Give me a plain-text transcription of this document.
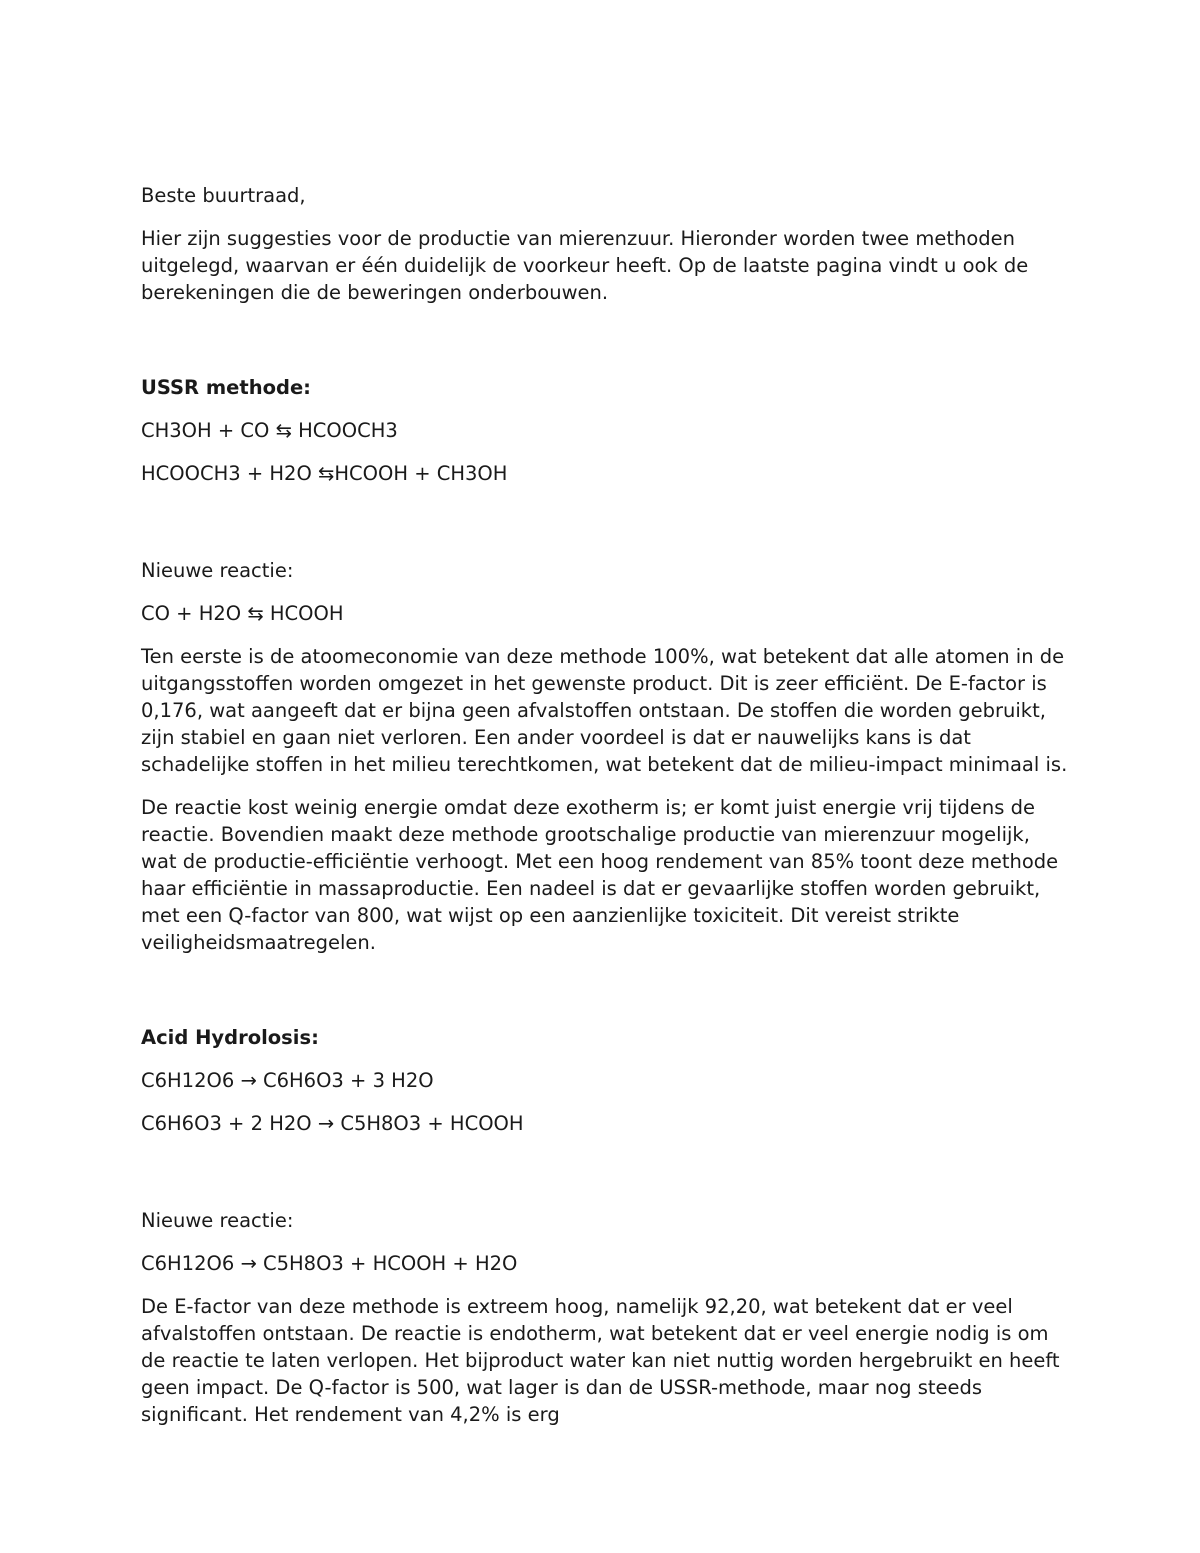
Beste buurtraad,

Hier zijn suggesties voor de productie van mierenzuur. Hieronder worden twee methoden uitgelegd, waarvan er één duidelijk de voorkeur heeft. Op de laatste pagina vindt u ook de berekeningen die de beweringen onderbouwen.

USSR methode:

CH3OH + CO ⇆ HCOOCH3

HCOOCH3 + H2O ⇆HCOOH + CH3OH

Nieuwe reactie:

CO + H2O ⇆ HCOOH

Ten eerste is de atoomeconomie van deze methode 100%, wat betekent dat alle atomen in de uitgangsstoffen worden omgezet in het gewenste product. Dit is zeer efficiënt. De E-factor is 0,176, wat aangeeft dat er bijna geen afvalstoffen ontstaan. De stoffen die worden gebruikt, zijn stabiel en gaan niet verloren. Een ander voordeel is dat er nauwelijks kans is dat schadelijke stoffen in het milieu terechtkomen, wat betekent dat de milieu-impact minimaal is.

De reactie kost weinig energie omdat deze exotherm is; er komt juist energie vrij tijdens de reactie. Bovendien maakt deze methode grootschalige productie van mierenzuur mogelijk, wat de productie-efficiëntie verhoogt. Met een hoog rendement van 85% toont deze methode haar efficiëntie in massaproductie. Een nadeel is dat er gevaarlijke stoffen worden gebruikt, met een Q-factor van 800, wat wijst op een aanzienlijke toxiciteit. Dit vereist strikte veiligheidsmaatregelen.

Acid Hydrolosis:

C6H12O6 → C6H6O3 + 3 H2O

C6H6O3 + 2 H2O → C5H8O3 + HCOOH

Nieuwe reactie:

C6H12O6 → C5H8O3 + HCOOH + H2O

De E-factor van deze methode is extreem hoog, namelijk 92,20, wat betekent dat er veel afvalstoffen ontstaan. De reactie is endotherm, wat betekent dat er veel energie nodig is om de reactie te laten verlopen. Het bijproduct water kan niet nuttig worden hergebruikt en heeft geen impact. De Q-factor is 500, wat lager is dan de USSR-methode, maar nog steeds significant. Het rendement van 4,2% is erg
